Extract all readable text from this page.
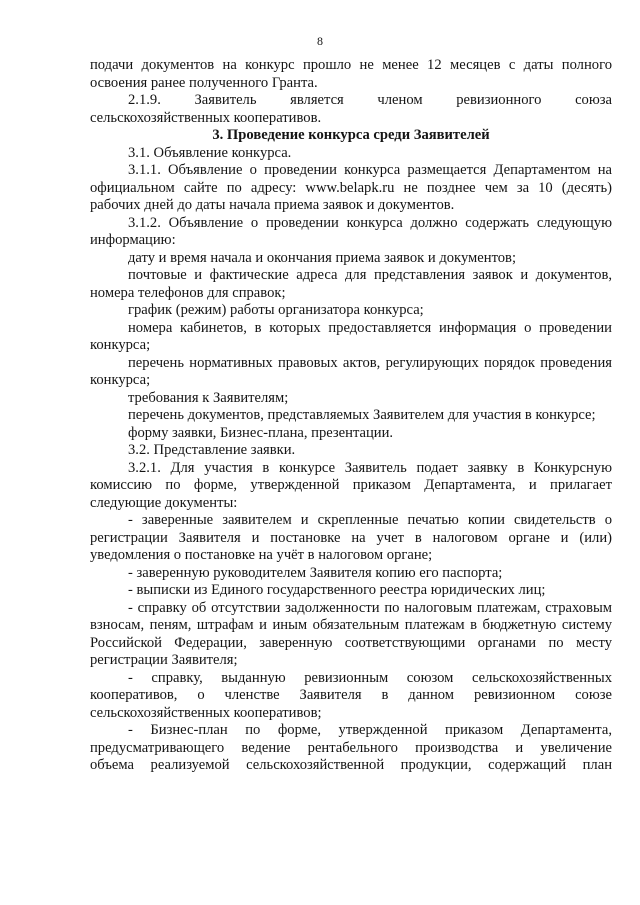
8

подачи документов на конкурс прошло не менее 12 месяцев с даты полного

освоения ранее полученного Гранта.

2.1.9. Заявитель является членом ревизионного союза

сельскохозяйственных кооперативов.

3. Проведение конкурса среди Заявителей

3.1. Объявление конкурса.

3.1.1. Объявление о проведении конкурса размещается Департаментом на официальном сайте по адресу: www.belapk.ru не позднее чем за 10 (десять) рабочих дней до даты начала приема заявок и документов.

3.1.2. Объявление о проведении конкурса должно содержать следующую информацию:

дату и время начала и окончания приема заявок и документов;

почтовые и фактические адреса для представления заявок и документов, номера телефонов для справок;

график (режим) работы организатора конкурса;

номера кабинетов, в которых предоставляется информация о проведении конкурса;

перечень нормативных правовых актов, регулирующих порядок проведения конкурса;

требования к Заявителям;

перечень документов, представляемых Заявителем для участия в конкурсе;

форму заявки, Бизнес-плана, презентации.

3.2. Представление заявки.

3.2.1. Для участия в конкурсе Заявитель подает заявку в Конкурсную комиссию по форме, утвержденной приказом Департамента, и прилагает следующие документы:

- заверенные заявителем и скрепленные печатью копии свидетельств о регистрации Заявителя и постановке на учет в налоговом органе и (или) уведомления о постановке на учёт в налоговом органе;

- заверенную руководителем Заявителя копию его паспорта;

- выписки из Единого государственного реестра юридических лиц;

- справку об отсутствии задолженности по налоговым платежам, страховым взносам, пеням, штрафам и иным обязательным платежам в бюджетную систему Российской Федерации, заверенную соответствующими органами по месту регистрации Заявителя;

- справку, выданную ревизионным союзом сельскохозяйственных кооперативов, о членстве Заявителя в данном ревизионном союзе сельскохозяйственных кооперативов;

- Бизнес-план по форме, утвержденной приказом Департамента, предусматривающего ведение рентабельного производства и увеличение

объема реализуемой сельскохозяйственной продукции, содержащий план
